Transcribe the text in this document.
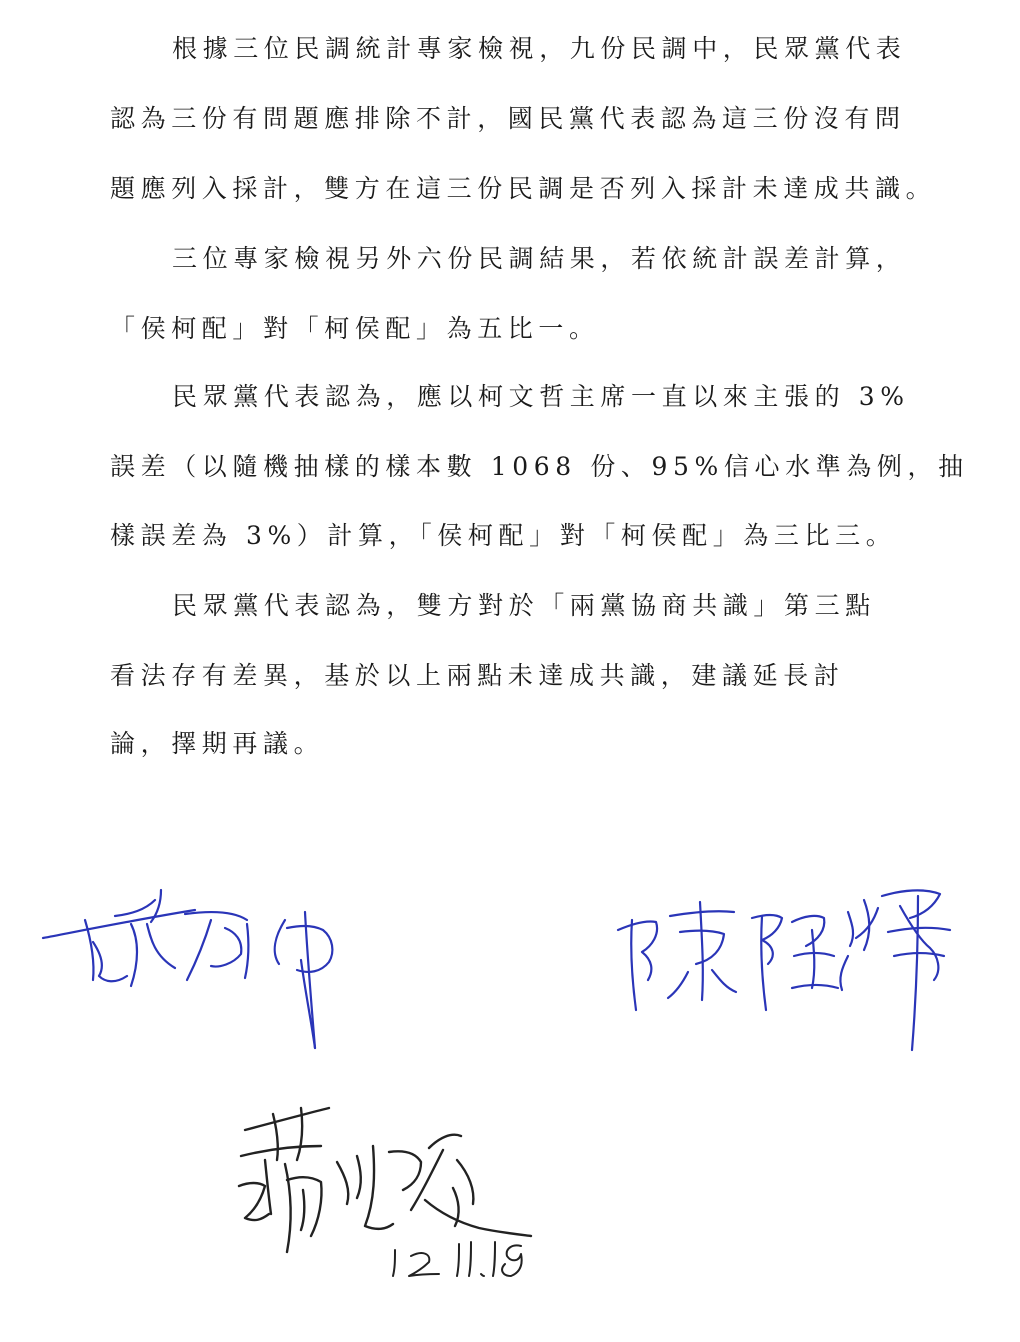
根據三位民調統計專家檢視，九份民調中，民眾黨代表
認為三份有問題應排除不計，國民黨代表認為這三份沒有問
題應列入採計，雙方在這三份民調是否列入採計未達成共識。
三位專家檢視另外六份民調結果，若依統計誤差計算，
「侯柯配」對「柯侯配」為五比一。
民眾黨代表認為，應以柯文哲主席一直以來主張的 3%
誤差（以隨機抽樣的樣本數 1068 份、95%信心水準為例，抽
樣誤差為 3%）計算，「侯柯配」對「柯侯配」為三比三。
民眾黨代表認為，雙方對於「兩黨協商共識」第三點
看法存有差異，基於以上兩點未達成共識，建議延長討
論，擇期再議。
